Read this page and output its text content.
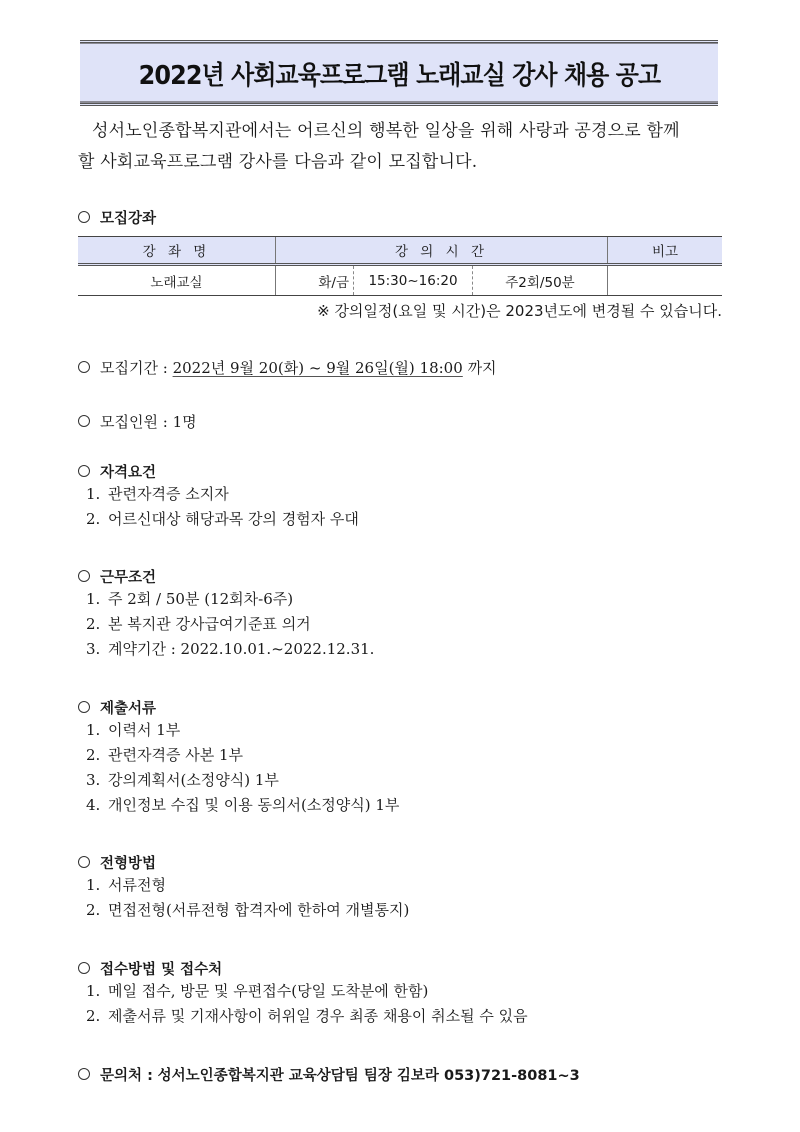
2022년 사회교육프로그램 노래교실 강사 채용 공고
성서노인종합복지관에서는 어르신의 행복한 일상을 위해 사랑과 공경으로 함께
할 사회교육프로그램 강사를 다음과 같이 모집합니다.
모집강좌
강 좌 명	강 의 시 간			비고
노래교실	화/금	15:30~16:20	주2회/50분	
※ 강의일정(요일 및 시간)은 2023년도에 변경될 수 있습니다.
모집기간 :
2022년 9월 20(화) ~ 9월 26일(월) 18:00
까지
모집인원 :
1명
자격요건
1. 관련자격증 소지자
2. 어르신대상 해당과목 강의 경험자 우대
근무조건
1. 주 2회 / 50분 (12회차-6주)
2. 본 복지관 강사급여기준표 의거
3. 계약기간 : 2022.10.01.~2022.12.31.
제출서류
1. 이력서 1부
2. 관련자격증 사본 1부
3. 강의계획서(소정양식) 1부
4. 개인정보 수집 및 이용 동의서(소정양식) 1부
전형방법
1. 서류전형
2. 면접전형(서류전형 합격자에 한하여 개별통지)
접수방법 및 접수처
1. 메일 접수, 방문 및 우편접수(당일 도착분에 한함)
2. 제출서류 및 기재사항이 허위일 경우 최종 채용이 취소될 수 있음
문의처 :
성서노인종합복지관 교육상담팀 팀장 김보라 053)721-8081~3
